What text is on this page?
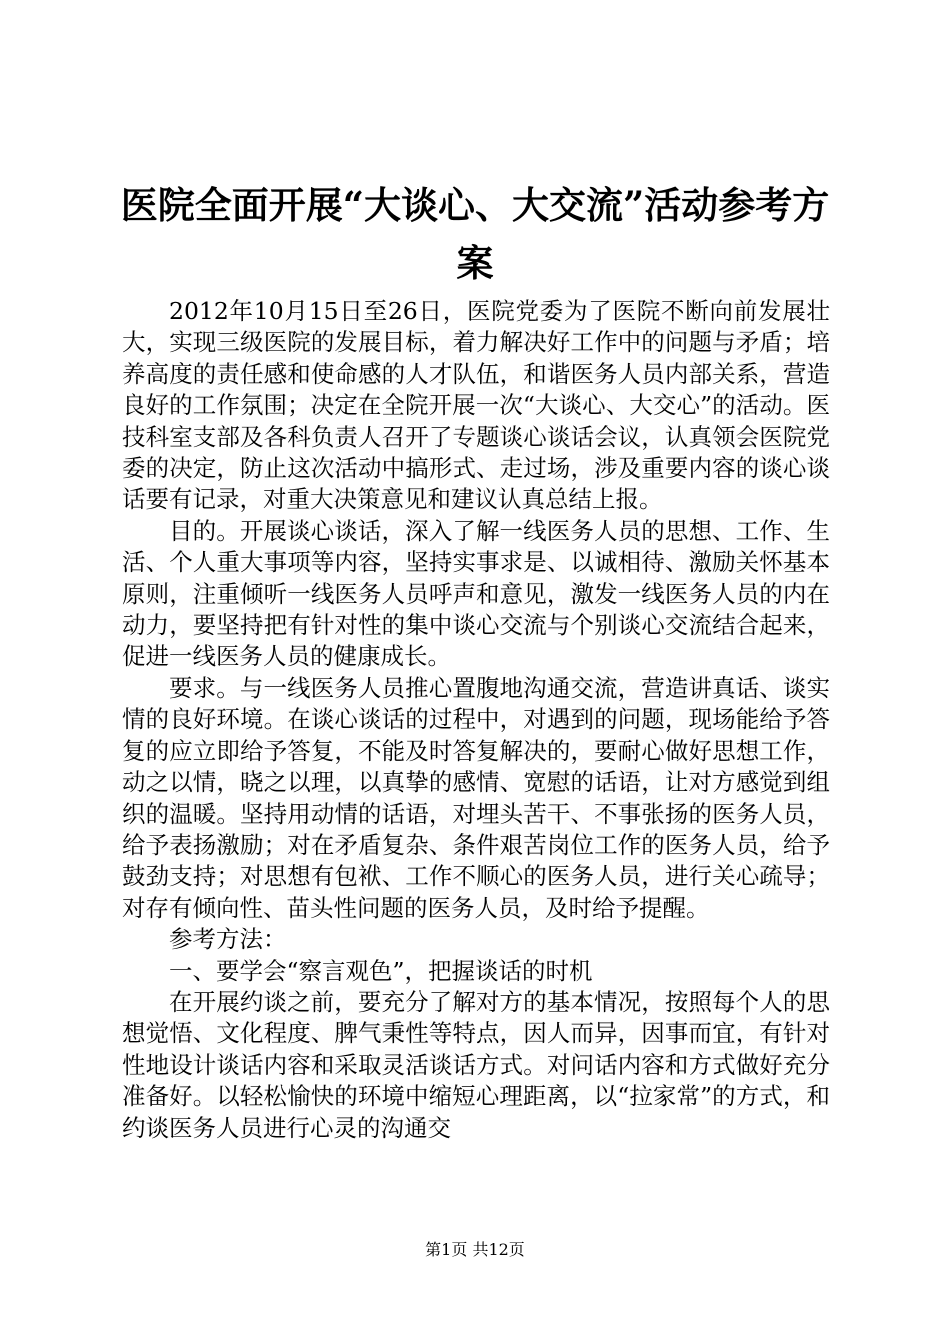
医院全面开展“大谈心、大交流”活动参考方案

2012年10月15日至26日，医院党委为了医院不断向前发展壮大，实现三级医院的发展目标，着力解决好工作中的问题与矛盾；培养高度的责任感和使命感的人才队伍，和谐医务人员内部关系，营造良好的工作氛围；决定在全院开展一次“大谈心、大交心”的活动。医技科室支部及各科负责人召开了专题谈心谈话会议，认真领会医院党委的决定，防止这次活动中搞形式、走过场，涉及重要内容的谈心谈话要有记录，对重大决策意见和建议认真总结上报。

目的。开展谈心谈话，深入了解一线医务人员的思想、工作、生活、个人重大事项等内容，坚持实事求是、以诚相待、激励关怀基本原则，注重倾听一线医务人员呼声和意见，激发一线医务人员的内在动力，要坚持把有针对性的集中谈心交流与个别谈心交流结合起来，促进一线医务人员的健康成长。

要求。与一线医务人员推心置腹地沟通交流，营造讲真话、谈实情的良好环境。在谈心谈话的过程中，对遇到的问题，现场能给予答复的应立即给予答复，不能及时答复解决的，要耐心做好思想工作，动之以情，晓之以理，以真挚的感情、宽慰的话语，让对方感觉到组织的温暖。坚持用动情的话语，对埋头苦干、不事张扬的医务人员，给予表扬激励；对在矛盾复杂、条件艰苦岗位工作的医务人员，给予鼓劲支持；对思想有包袱、工作不顺心的医务人员，进行关心疏导；对存有倾向性、苗头性问题的医务人员，及时给予提醒。

参考方法：

一、要学会“察言观色”，把握谈话的时机

在开展约谈之前，要充分了解对方的基本情况，按照每个人的思想觉悟、文化程度、脾气秉性等特点，因人而异，因事而宜，有针对性地设计谈话内容和采取灵活谈话方式。对问话内容和方式做好充分准备好。以轻松愉快的环境中缩短心理距离，以“拉家常”的方式，和约谈医务人员进行心灵的沟通交

第1页 共12页
